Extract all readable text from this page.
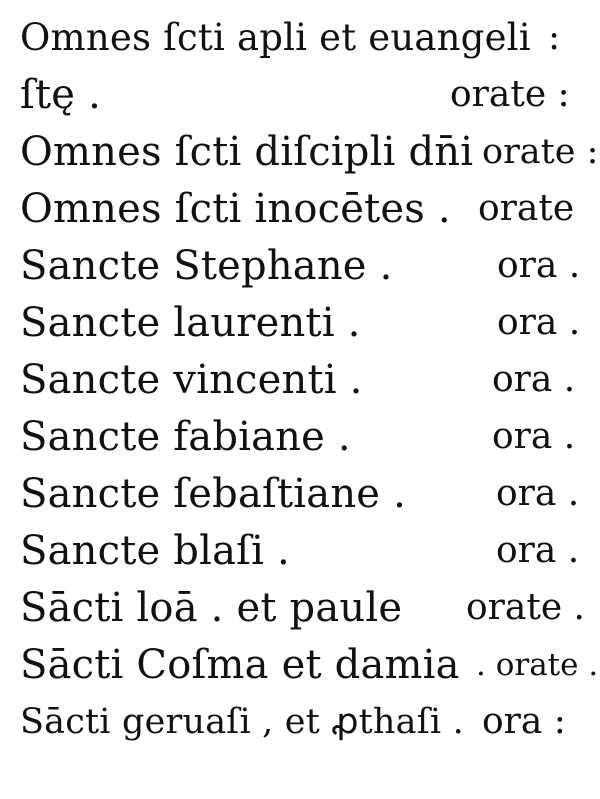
Omnes ſcti apli et euangeli :
ſtę .	orate :
Omnes ſcti diſcipli dn̄i orate :
Omnes ſcti inocētes . orate
Sancte Stephane .	ora .
Sancte laurenti .	ora .
Sancte vincenti .	ora .
Sancte fabiane .	ora .
Sancte ſebaſtiane .	ora .
Sancte blaſi .	ora .
Sācti loā . et paule orate .
Sācti Coſma et damia . orate .
Sācti geruaſi , et ꝓthaſi . ora :
